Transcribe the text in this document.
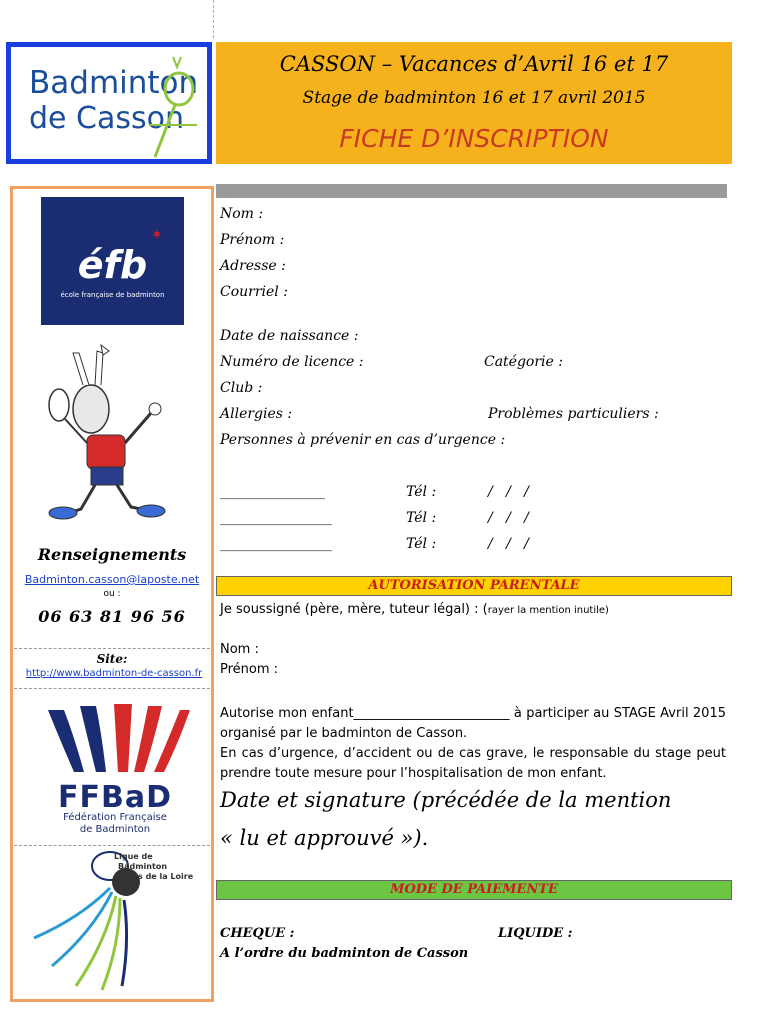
Badminton
de Casson
CASSON – Vacances d’Avril 16 et 17
Stage de badminton 16 et 17 avril 2015
FICHE D’INSCRIPTION
éfb
école française de badminton
✶
Renseignements
Badminton.casson@laposte.net
ou :
06 63 81 96 56
Site:
http://www.badminton-de-casson.fr
FFBaD
Fédération Française
de Badminton
Ligue de
Badminton
Pays de la Loire
Nom :
Prénom :
Adresse :
Courriel :
Date de naissance :
Numéro de licence :	Catégorie :
Club :
Allergies :	Problèmes particuliers :
Personnes à prévenir en cas d’urgence :
_______________	Tél :	/   /   /
________________	Tél :	/   /   /
________________	Tél :	/   /   /
AUTORISATION PARENTALE
Je soussigné (père, mère, tuteur légal) : (rayer la mention inutile)
Nom :
Prénom :
Autorise mon enfant________________________ à participer au STAGE Avril 2015 organisé par le badminton de Casson.
En cas d’urgence, d’accident ou de cas grave, le responsable du stage peut prendre toute mesure pour l’hospitalisation de mon enfant.
Date et signature (précédée de la mention
« lu et approuvé »).
MODE DE PAIEMENTE
CHEQUE :	LIQUIDE :
A l’ordre du badminton de Casson
